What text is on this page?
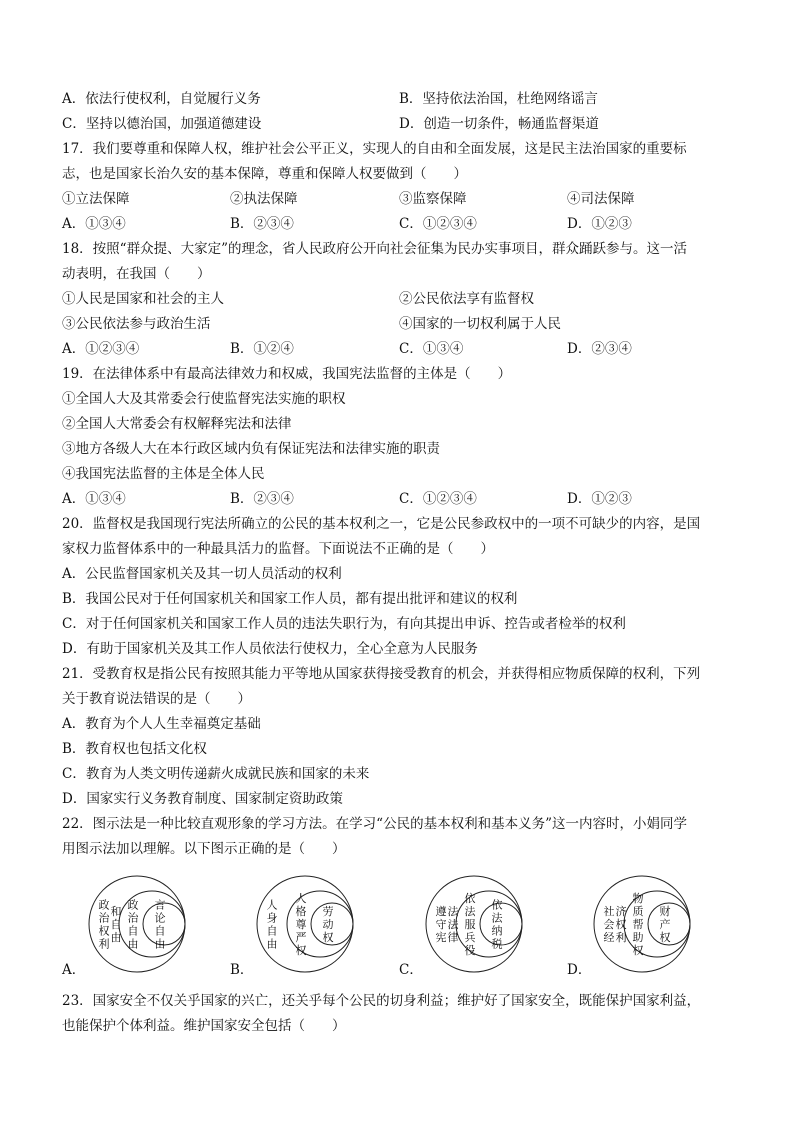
A．依法行使权利，自觉履行义务	B．坚持依法治国，杜绝网络谣言
C．坚持以德治国，加强道德建设	D．创造一切条件，畅通监督渠道
17．我们要尊重和保障人权，维护社会公平正义，实现人的自由和全面发展，这是民主法治国家的重要标
志，也是国家长治久安的基本保障，尊重和保障人权要做到（　　）
①立法保障	②执法保障	③监察保障	④司法保障
A．①③④	B．②③④	C．①②③④	D．①②③
18．按照“群众提、大家定”的理念，省人民政府公开向社会征集为民办实事项目，群众踊跃参与。这一活
动表明，在我国（　　）
①人民是国家和社会的主人	②公民依法享有监督权
③公民依法参与政治生活	④国家的一切权利属于人民
A．①②③④	B．①②④	C．①③④	D．②③④
19．在法律体系中有最高法律效力和权威，我国宪法监督的主体是（　　）
①全国人大及其常委会行使监督宪法实施的职权
②全国人大常委会有权解释宪法和法律
③地方各级人大在本行政区域内负有保证宪法和法律实施的职责
④我国宪法监督的主体是全体人民
A．①③④	B．②③④	C．①②③④	D．①②③
20．监督权是我国现行宪法所确立的公民的基本权利之一，它是公民参政权中的一项不可缺少的内容，是国
家权力监督体系中的一种最具活力的监督。下面说法不正确的是（　　）
A．公民监督国家机关及其一切人员活动的权利
B．我国公民对于任何国家机关和国家工作人员，都有提出批评和建议的权利
C．对于任何国家机关和国家工作人员的违法失职行为，有向其提出申诉、控告或者检举的权利
D．有助于国家机关及其工作人员依法行使权力，全心全意为人民服务
21．受教育权是指公民有按照其能力平等地从国家获得接受教育的机会，并获得相应物质保障的权利，下列
关于教育说法错误的是（　　）
A．教育为个人人生幸福奠定基础
B．教育权也包括文化权
C．教育为人类文明传递薪火成就民族和国家的未来
D．国家实行义务教育制度、国家制定资助政策
22．图示法是一种比较直观形象的学习方法。在学习“公民的基本权利和基本义务”这一内容时，小娟同学
用图示法加以理解。以下图示正确的是（　　）
23．国家安全不仅关乎国家的兴亡，还关乎每个公民的切身利益；维护好了国家安全，既能保护国家利益，
也能保护个体利益。维护国家安全包括（　　）
政
治
权
利
和
自
由
政
治
自
由
言
论
自
由
A．
人
身
自
由
人
格
尊
严
权
劳
动
权
B．
遵
守
宪
法
法
律
依
法
服
兵
役
依
法
纳
税
C．
社
会
经
济
权
利
物
质
帮
助
权
财
产
权
D．
